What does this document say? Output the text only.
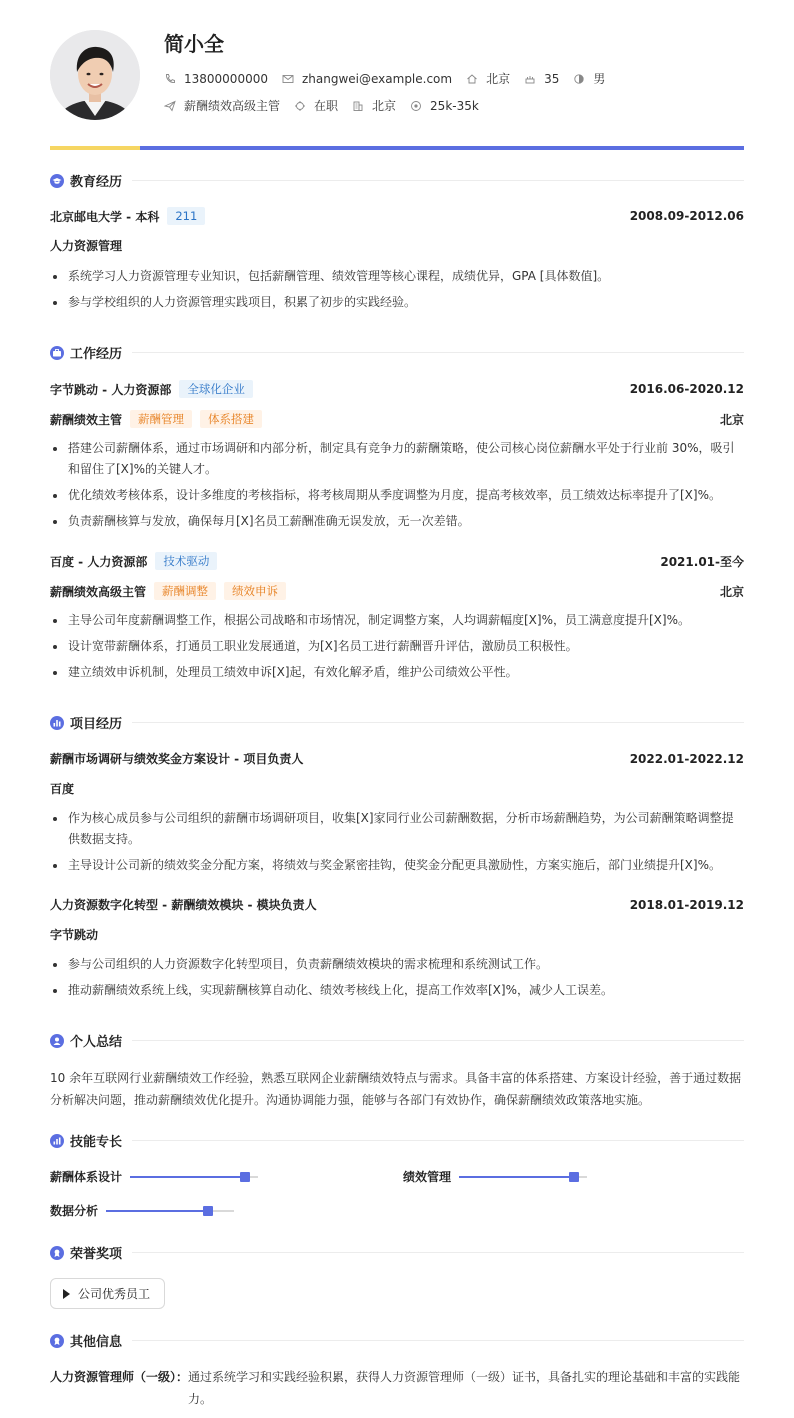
简小全
13800000000	zhangwei@example.com	北京	35	男
薪酬绩效高级主管	在职	北京	25k-35k
教育经历
北京邮电大学 - 本科	211	2008.09-2012.06
人力资源管理
系统学习人力资源管理专业知识，包括薪酬管理、绩效管理等核心课程，成绩优异，GPA [具体数值]。
参与学校组织的人力资源管理实践项目，积累了初步的实践经验。
工作经历
字节跳动 - 人力资源部	全球化企业	2016.06-2020.12
薪酬绩效主管	薪酬管理	体系搭建	北京
搭建公司薪酬体系，通过市场调研和内部分析，制定具有竞争力的薪酬策略，使公司核心岗位薪酬水平处于行业前 30%，吸引和留住了[X]%的关键人才。
优化绩效考核体系，设计多维度的考核指标，将考核周期从季度调整为月度，提高考核效率，员工绩效达标率提升了[X]%。
负责薪酬核算与发放，确保每月[X]名员工薪酬准确无误发放，无一次差错。
百度 - 人力资源部	技术驱动	2021.01-至今
薪酬绩效高级主管	薪酬调整	绩效申诉	北京
主导公司年度薪酬调整工作，根据公司战略和市场情况，制定调整方案，人均调薪幅度[X]%，员工满意度提升[X]%。
设计宽带薪酬体系，打通员工职业发展通道，为[X]名员工进行薪酬晋升评估，激励员工积极性。
建立绩效申诉机制，处理员工绩效申诉[X]起，有效化解矛盾，维护公司绩效公平性。
项目经历
薪酬市场调研与绩效奖金方案设计 - 项目负责人	2022.01-2022.12
百度
作为核心成员参与公司组织的薪酬市场调研项目，收集[X]家同行业公司薪酬数据，分析市场薪酬趋势，为公司薪酬策略调整提供数据支持。
主导设计公司新的绩效奖金分配方案，将绩效与奖金紧密挂钩，使奖金分配更具激励性，方案实施后，部门业绩提升[X]%。
人力资源数字化转型 - 薪酬绩效模块 - 模块负责人	2018.01-2019.12
字节跳动
参与公司组织的人力资源数字化转型项目，负责薪酬绩效模块的需求梳理和系统测试工作。
推动薪酬绩效系统上线，实现薪酬核算自动化、绩效考核线上化，提高工作效率[X]%，减少人工误差。
个人总结
10 余年互联网行业薪酬绩效工作经验，熟悉互联网企业薪酬绩效特点与需求。具备丰富的体系搭建、方案设计经验，善于通过数据分析解决问题，推动薪酬绩效优化提升。沟通协调能力强，能够与各部门有效协作，确保薪酬绩效政策落地实施。
技能专长
薪酬体系设计	绩效管理
数据分析
荣誉奖项
公司优秀员工
其他信息
人力资源管理师（一级）： 通过系统学习和实践经验积累，获得人力资源管理师（一级）证书，具备扎实的理论基础和丰富的实践能力。
